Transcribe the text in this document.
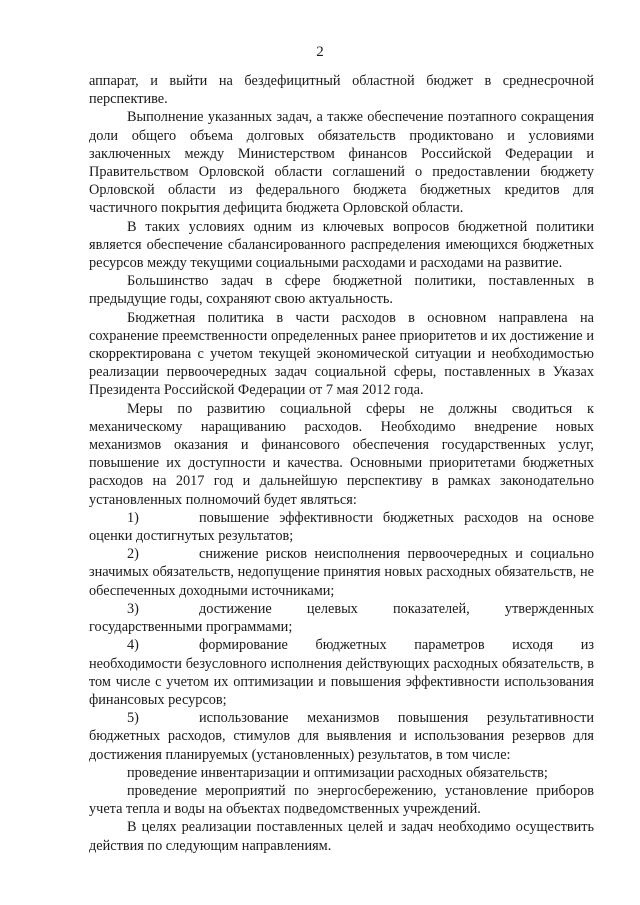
2

аппарат, и выйти на бездефицитный областной бюджет в среднесрочной перспективе.

Выполнение указанных задач, а также обеспечение поэтапного сокращения доли общего объема долговых обязательств продиктовано и условиями заключенных между Министерством финансов Российской Федерации и Правительством Орловской области соглашений о предоставлении бюджету Орловской области из федерального бюджета бюджетных кредитов для частичного покрытия дефицита бюджета Орловской области.

В таких условиях одним из ключевых вопросов бюджетной политики является обеспечение сбалансированного распределения имеющихся бюджетных ресурсов между текущими социальными расходами и расходами на развитие.

Большинство задач в сфере бюджетной политики, поставленных в предыдущие годы, сохраняют свою актуальность.

Бюджетная политика в части расходов в основном направлена на сохранение преемственности определенных ранее приоритетов и их достижение и скорректирована с учетом текущей экономической ситуации и необходимостью реализации первоочередных задач социальной сферы, поставленных в Указах Президента Российской Федерации от 7 мая 2012 года.

Меры по развитию социальной сферы не должны сводиться к механическому наращиванию расходов. Необходимо внедрение новых механизмов оказания и финансового обеспечения государственных услуг, повышение их доступности и качества. Основными приоритетами бюджетных расходов на 2017 год и дальнейшую перспективу в рамках законодательно установленных полномочий будет являться:

1)	повышение эффективности бюджетных расходов на основе оценки достигнутых результатов;

2)	снижение рисков неисполнения первоочередных и социально значимых обязательств, недопущение принятия новых расходных обязательств, не обеспеченных доходными источниками;

3)	достижение целевых показателей, утвержденных государственными программами;

4)	формирование бюджетных параметров исходя из необходимости безусловного исполнения действующих расходных обязательств, в том числе с учетом их оптимизации и повышения эффективности использования финансовых ресурсов;

5)	использование механизмов повышения результативности бюджетных расходов, стимулов для выявления и использования резервов для достижения планируемых (установленных) результатов, в том числе:

проведение инвентаризации и оптимизации расходных обязательств;

проведение мероприятий по энергосбережению, установление приборов учета тепла и воды на объектах подведомственных учреждений.

В целях реализации поставленных целей и задач необходимо осуществить действия по следующим направлениям.
